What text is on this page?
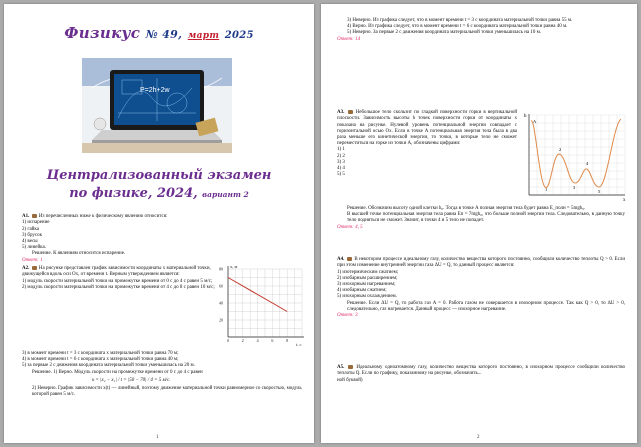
Физикус № 49, март 2025
P=2h+2w
Централизованный экзамен
по физике, 2024, вариант 2
А1. Из перечисленных ниже к физическому явлению относится:
1) испарение
2) гайка
3) брусок
4) весы
5) линейка.
Решение. К явлениям относится испарение.
Ответ: 1
А2. На рисунке представлен график зависимости координаты x материальной точки, движущейся вдоль оси Ox, от времени t. Верным утверждением является:
1) модуль скорости материальной точки на промежутке времени от 0 с до 4 с равен 5 м/с;
2) модуль скорости материальной точки на промежутке времени от 4 с до 8 с равен 10 м/с;
3) в момент времени t = 3 с координата x материальной точки равна 70 м;
4) в момент времени t = 6 с координата x материальной точки равна 40 м;
5) за первые 2 с движения координата материальной точки уменьшилась на 20 м.
Решение. 1) Верно. Модуль скорости на промежутке времени от 0 с до 4 с равен
υ = |x₂ − x₁| / t = |50 − 70| / 4 = 5 м/с.
2) Неверно. График зависимости x(t) — линейный, поэтому движение материальной точки равномерное со скоростью, модуль которой равен 5 м/с.
0	2	4	6	8
20
40
60
80
t, c
x, м
1
3) Неверно. Из графика следует, что в момент времени t = 3 с координата материальной точки равна 55 м.
4) Верно. Из графика следует, что в момент времени t = 6 с координата материальной точки равна 40 м.
5) Неверно. За первые 2 с движения координата материальной точки уменьшилась на 10 м.
Ответ: 14
А3. Небольшое тело скользит по гладкой поверхности горки в вертикальной плоскости. Зависимость высоты h точек поверхности горки от координаты x показана на рисунке. Нулевой уровень потенциальной энергии совпадает с горизонтальной осью Ox. Если в точке A потенциальная энергия тела была в два раза меньше его кинетической энергии, то точки, в которые тело не сможет переместиться на горке из точки A, обозначены цифрами:
1) 1
2) 2
3) 3
4) 4
5) 5
Решение. Обозначим высоту одной клетки h₀. Тогда в точке A полная энергия тела будет равна E_полн = 5mgh₀.
В высшей точке потенциальная энергия тела равна Eп = 7mgh₀, что больше полной энергии тела. Следовательно, в данную точку тело подняться не сможет. Значит, в точки 4 и 5 тело не попадет.
Ответ: 4, 5
h
x
A
1
2
3
4
5
А4. В некотором процессе идеальному газу, количество вещества которого постоянно, сообщили количество теплоты Q > 0. Если при этом изменение внутренней энергии газа ΔU = Q, то данный процесс является:
1) изотермическим сжатием;
2) изобарным расширением;
3) изохорным нагреванием;
4) изобарным сжатием;
5) изохорным охлаждением.
Решение. Если ΔU = Q, то работа газ A = 0. Работа газом не совершается в изохорном процессе. Так как Q > 0, то ΔU > 0, следовательно, газ нагревается. Данный процесс — изохорное нагревание.
Ответ: 3
А5. Идеальному одноатомному газу, количество вещества которого постоянно, в изохорном процессе сообщили количество теплоты Q. Если по графику, показанному на рисунке, обозначить...
ной буквой)
2
